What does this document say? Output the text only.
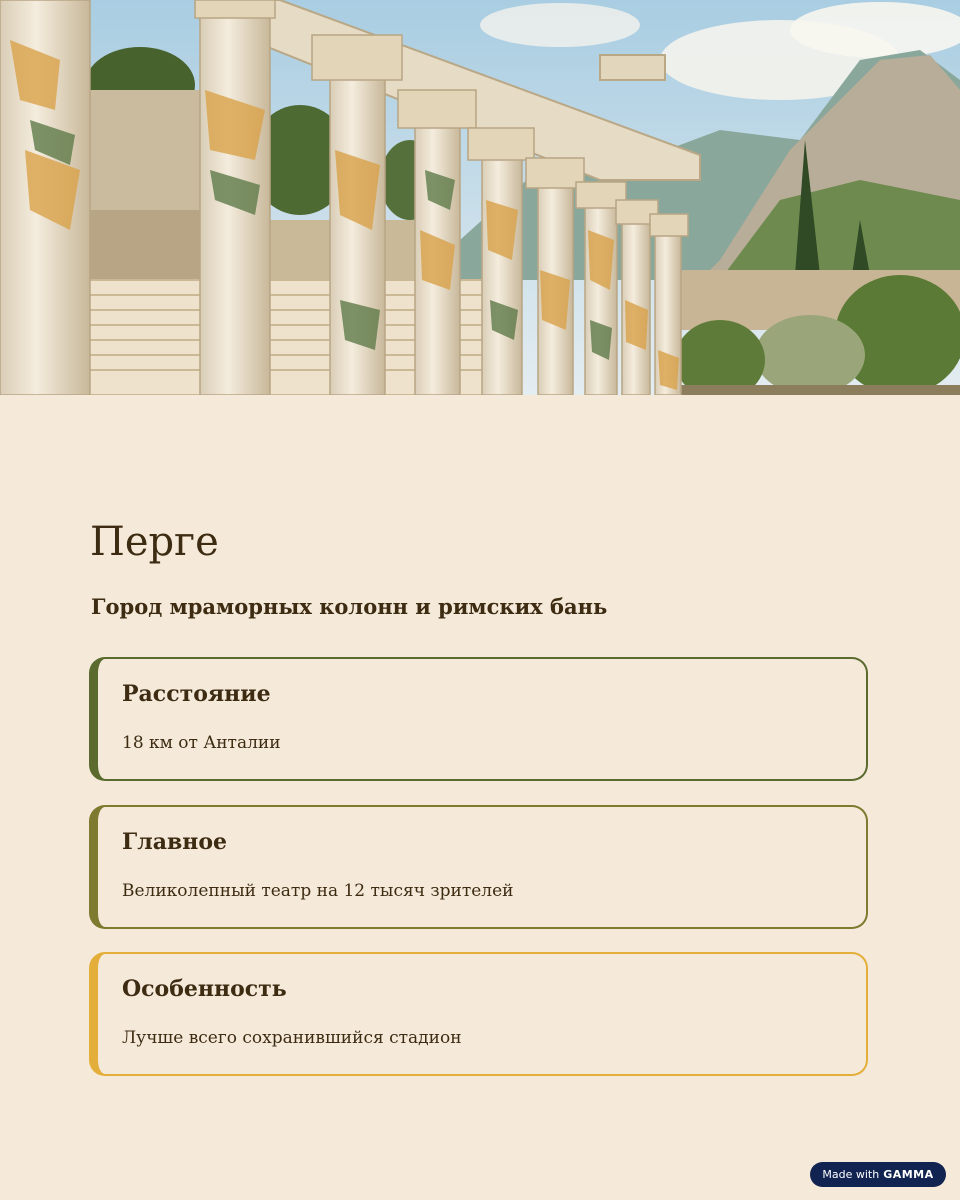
Перге
Город мраморных колонн и римских бань
Расстояние
18 км от Анталии
Главное
Великолепный театр на 12 тысяч зрителей
Особенность
Лучше всего сохранившийся стадион
Made with GAMMA
